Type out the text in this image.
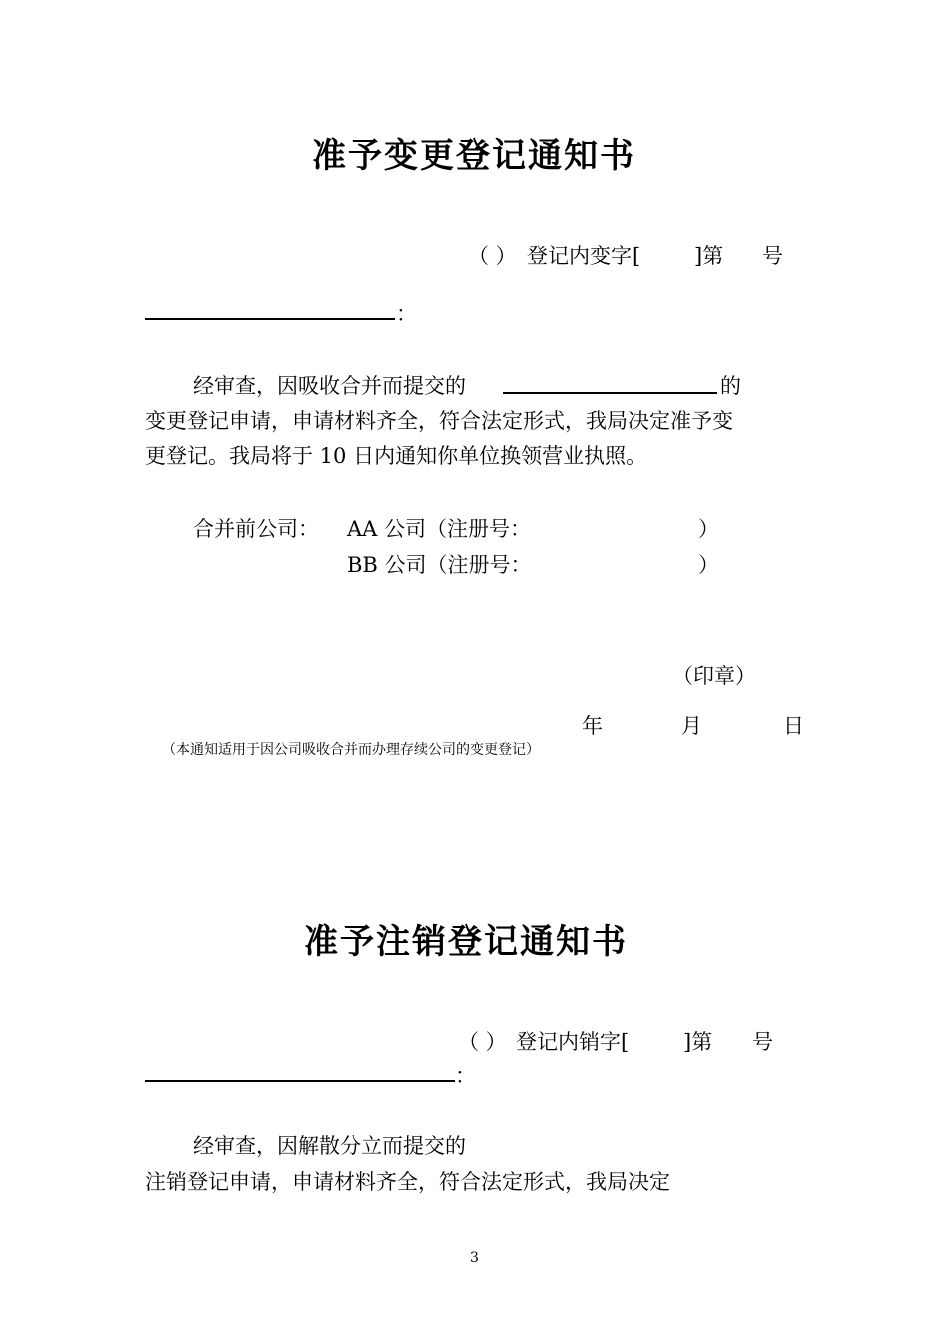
准予变更登记通知书
（ ） 登记内变字[	]第 号
：
经审查，因吸收合并而提交的	的
变更登记申请，申请材料齐全，符合法定形式，我局决定准予变
更登记。我局将于 10 日内通知你单位换领营业执照。
合并前公司： AA 公司（注册号：	）
BB 公司（注册号：	）
（印章）
年	月	日
（本通知适用于因公司吸收合并而办理存续公司的变更登记）
准予注销登记通知书
（ ） 登记内销字[	]第 号
：
经审查，因解散分立而提交的
注销登记申请，申请材料齐全，符合法定形式，我局决定
3
